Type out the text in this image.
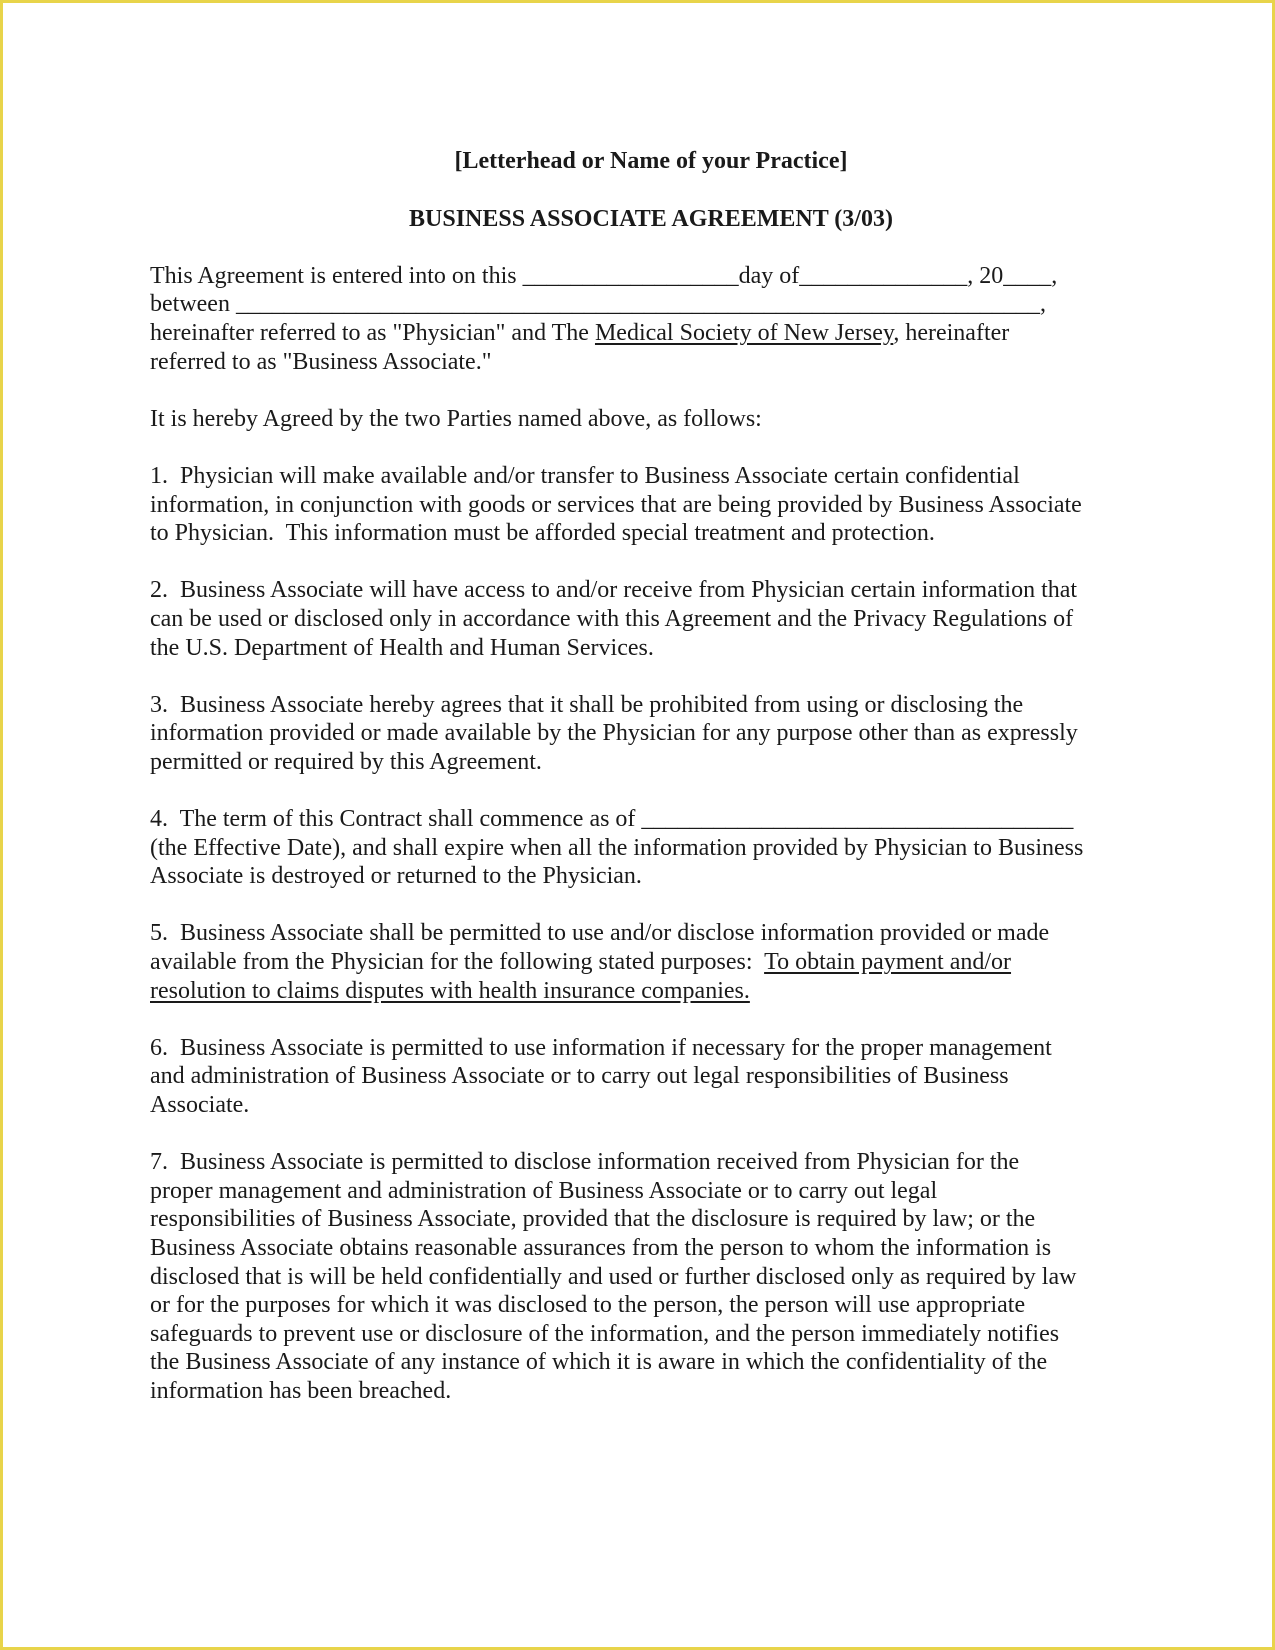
[Letterhead or Name of your Practice]
BUSINESS ASSOCIATE AGREEMENT (3/03)
This Agreement is entered into on this __________________day of______________, 20____,
between ___________________________________________________________________,
hereinafter referred to as "Physician" and The Medical Society of New Jersey, hereinafter
referred to as "Business Associate."
It is hereby Agreed by the two Parties named above, as follows:
1.  Physician will make available and/or transfer to Business Associate certain confidential
information, in conjunction with goods or services that are being provided by Business Associate
to Physician.  This information must be afforded special treatment and protection.
2.  Business Associate will have access to and/or receive from Physician certain information that
can be used or disclosed only in accordance with this Agreement and the Privacy Regulations of
the U.S. Department of Health and Human Services.
3.  Business Associate hereby agrees that it shall be prohibited from using or disclosing the
information provided or made available by the Physician for any purpose other than as expressly
permitted or required by this Agreement.
4.  The term of this Contract shall commence as of ____________________________________
(the Effective Date), and shall expire when all the information provided by Physician to Business
Associate is destroyed or returned to the Physician.
5.  Business Associate shall be permitted to use and/or disclose information provided or made
available from the Physician for the following stated purposes:  To obtain payment and/or
resolution to claims disputes with health insurance companies.
6.  Business Associate is permitted to use information if necessary for the proper management
and administration of Business Associate or to carry out legal responsibilities of Business
Associate.
7.  Business Associate is permitted to disclose information received from Physician for the
proper management and administration of Business Associate or to carry out legal
responsibilities of Business Associate, provided that the disclosure is required by law; or the
Business Associate obtains reasonable assurances from the person to whom the information is
disclosed that is will be held confidentially and used or further disclosed only as required by law
or for the purposes for which it was disclosed to the person, the person will use appropriate
safeguards to prevent use or disclosure of the information, and the person immediately notifies
the Business Associate of any instance of which it is aware in which the confidentiality of the
information has been breached.
